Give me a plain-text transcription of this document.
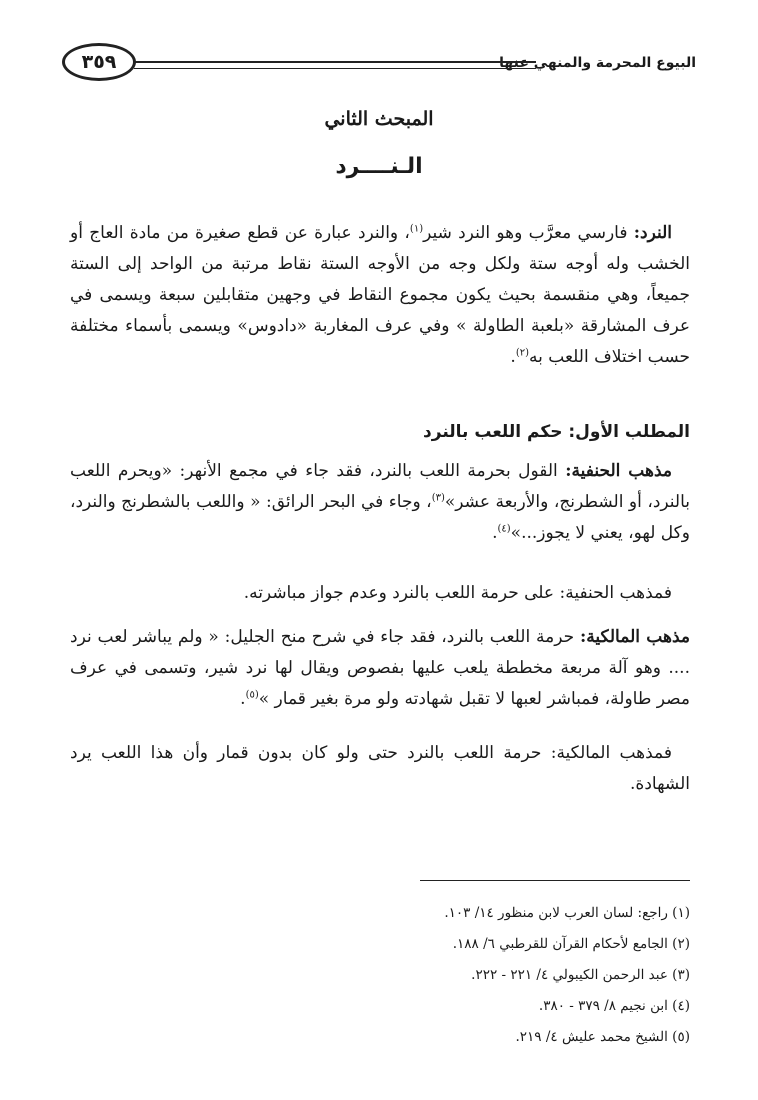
البيوع المحرمة والمنهي عنها
٣٥٩
المبحث الثاني
الـنــــرد

النرد: فارسي معرَّب وهو النرد شير$^{(١)}$، والنرد عبارة عن قطع صغيرة من مادة العاج أو الخشب وله أوجه ستة ولكل وجه من الأوجه الستة نقاط مرتبة من الواحد إلى الستة جميعاً، وهي منقسمة بحيث يكون مجموع النقاط في وجهين متقابلين سبعة ويسمى في عرف المشارقة «بلعبة الطاولة » وفي عرف المغاربة «دادوس» ويسمى بأسماء مختلفة حسب اختلاف اللعب به$^{(٢)}$.

المطلب الأول: حكم اللعب بالنرد

مذهب الحنفية: القول بحرمة اللعب بالنرد، فقد جاء في مجمع الأنهر: «ويحرم اللعب بالنرد، أو الشطرنج، والأربعة عشر»$^{(٣)}$، وجاء في البحر الرائق: « واللعب بالشطرنج والنرد، وكل لهو، يعني لا يجوز...»$^{(٤)}$.

فمذهب الحنفية: على حرمة اللعب بالنرد وعدم جواز مباشرته.

مذهب المالكية: حرمة اللعب بالنرد، فقد جاء في شرح منح الجليل: « ولم يباشر لعب نرد .... وهو آلة مربعة مخططة يلعب عليها بفصوص ويقال لها نرد شير، وتسمى في عرف مصر طاولة، فمباشر لعبها لا تقبل شهادته ولو مرة بغير قمار »$^{(٥)}$.

فمذهب المالكية: حرمة اللعب بالنرد حتى ولو كان بدون قمار وأن هذا اللعب يرد الشهادة.

(١) راجع: لسان العرب لابن منظور ١٤/ ١٠٣.
(٢) الجامع لأحكام القرآن للقرطبي ٦/ ١٨٨.
(٣) عبد الرحمن الكيبولي ٤/ ٢٢١ - ٢٢٢.
(٤) ابن نجيم ٨/ ٣٧٩ - ٣٨٠.
(٥) الشيخ محمد عليش ٤/ ٢١٩.
